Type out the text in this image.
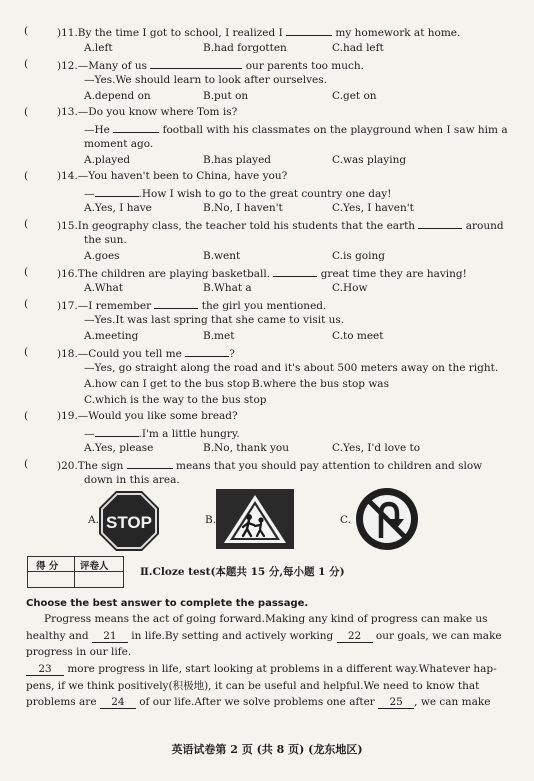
(	)11.By the time I got to school, I realized I	my homework at home.
A.left	B.had forgotten	C.had left
(	)12.—Many of us	our parents too much.
—Yes.We should learn to look after ourselves.
A.depend on	B.put on	C.get on
(	)13.—Do you know where Tom is?
—He	football with his classmates on the playground when I saw him a
moment ago.
A.played	B.has played	C.was playing
(	)14.—You haven't been to China, have you?
—	.How I wish to go to the great country one day!
A.Yes, I have	B.No, I haven't	C.Yes, I haven't
(	)15.In geography class, the teacher told his students that the earth	around
the sun.
A.goes	B.went	C.is going
(	)16.The children are playing basketball.	great time they are having!
A.What	B.What a	C.How
(	)17.—I remember	the girl you mentioned.
—Yes.It was last spring that she came to visit us.
A.meeting	B.met	C.to meet
(	)18.—Could you tell me	?
—Yes, go straight along the road and it's about 500 meters away on the right.
A.how can I get to the bus stop B.where the bus stop was
C.which is the way to the bus stop
(	)19.—Would you like some bread?
—	.I'm a little hungry.
A.Yes, please	B.No, thank you	C.Yes, I'd love to
(	)20.The sign	means that you should pay attention to children and slow
down in this area.
A. STOP	B.	C.
得 分 评卷人	Ⅱ.Cloze test(本题共 15 分,每小题 1 分)
Choose the best answer to complete the passage.
Progress means the act of going forward.Making any kind of progress can make us
healthy and 21 in life.By setting and actively working 22 our goals, we can make
progress in our life.
23 more progress in life, start looking at problems in a different way.Whatever hap-
pens, if we think positively(积极地), it can be useful and helpful.We need to know that
problems are 24 of our life.After we solve problems one after 25 , we can make
英语试卷第 2 页 (共 8 页) (龙东地区)
